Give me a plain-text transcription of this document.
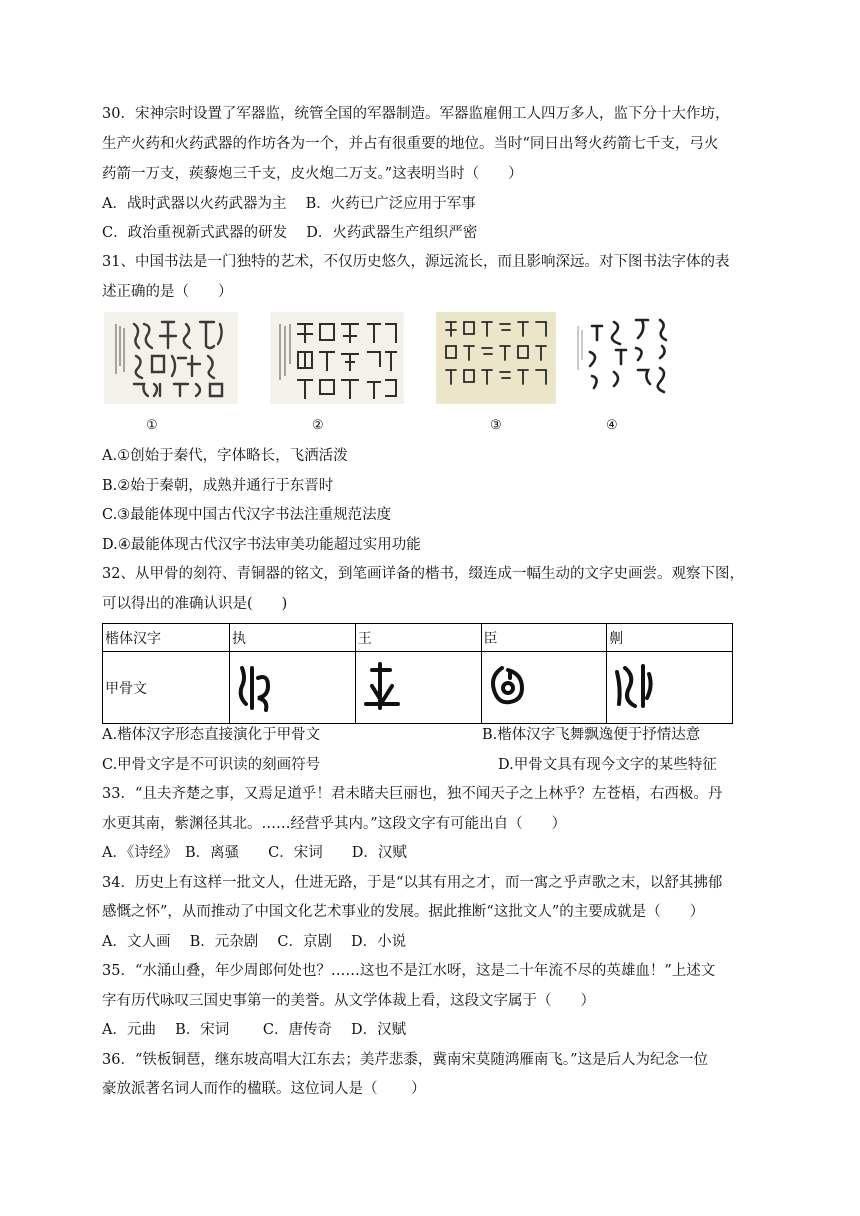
30．宋神宗时设置了军器监，统管全国的军器制造。军器监雇佣工人四万多人，监下分十大作坊，
生产火药和火药武器的作坊各为一个，并占有很重要的地位。当时“同日出弩火药箭七千支，弓火
药箭一万支，蒺藜炮三千支，皮火炮二万支。”这表明当时（　　）
A．战时武器以火药武器为主　 B．火药已广泛应用于军事
C．政治重视新式武器的研发　 D．火药武器生产组织严密
31、中国书法是一门独特的艺术，不仅历史悠久，源远流长，而且影响深远。对下图书法字体的表
述正确的是（　　）
①	②	③	④
A.①创始于秦代，字体略长，飞洒活泼
B.②始于秦朝，成熟并通行于东晋时
C.③最能体现中国古代汉字书法注重规范法度
D.④最能体现古代汉字书法审美功能超过实用功能
32、从甲骨的刻符、青铜器的铭文，到笔画详备的楷书，缀连成一幅生动的文字史画尝。观察下图，
可以得出的准确认识是(　　)
楷体汉字	执	王	臣	劓
甲骨文	

A.楷体汉字形态直接演化于甲骨文	B.楷体汉字飞舞飘逸便于抒情达意
C.甲骨文字是不可识读的刻画符号	D.甲骨文具有现今文字的某些特征
33．“且夫齐楚之事，又焉足道乎！君未睹夫巨丽也，独不闻天子之上林乎？左苍梧，右西极。丹
水更其南，紫渊径其北。……经营乎其内。”这段文字有可能出自（　　）
A．《诗经》　B．离骚　　C．宋词　　D．汉赋
34．历史上有这样一批文人，仕进无路，于是“以其有用之才，而一寓之乎声歌之末，以舒其拂郁
感慨之怀”，从而推动了中国文化艺术事业的发展。据此推断“这批文人”的主要成就是（　　）
A．文人画　 B．元杂剧　 C．京剧　 D．小说
35．“水涌山叠，年少周郎何处也？……这也不是江水呀，这是二十年流不尽的英雄血！”上述文
字有历代咏叹三国史事第一的美誉。从文学体裁上看，这段文字属于（　　）
A．元曲　 B．宋词　　 C．唐传奇　 D．汉赋
36．“铁板铜琶，继东坡高唱大江东去；美芹悲黍，冀南宋莫随鸿雁南飞。”这是后人为纪念一位
豪放派著名词人而作的楹联。这位词人是（　　 ）
